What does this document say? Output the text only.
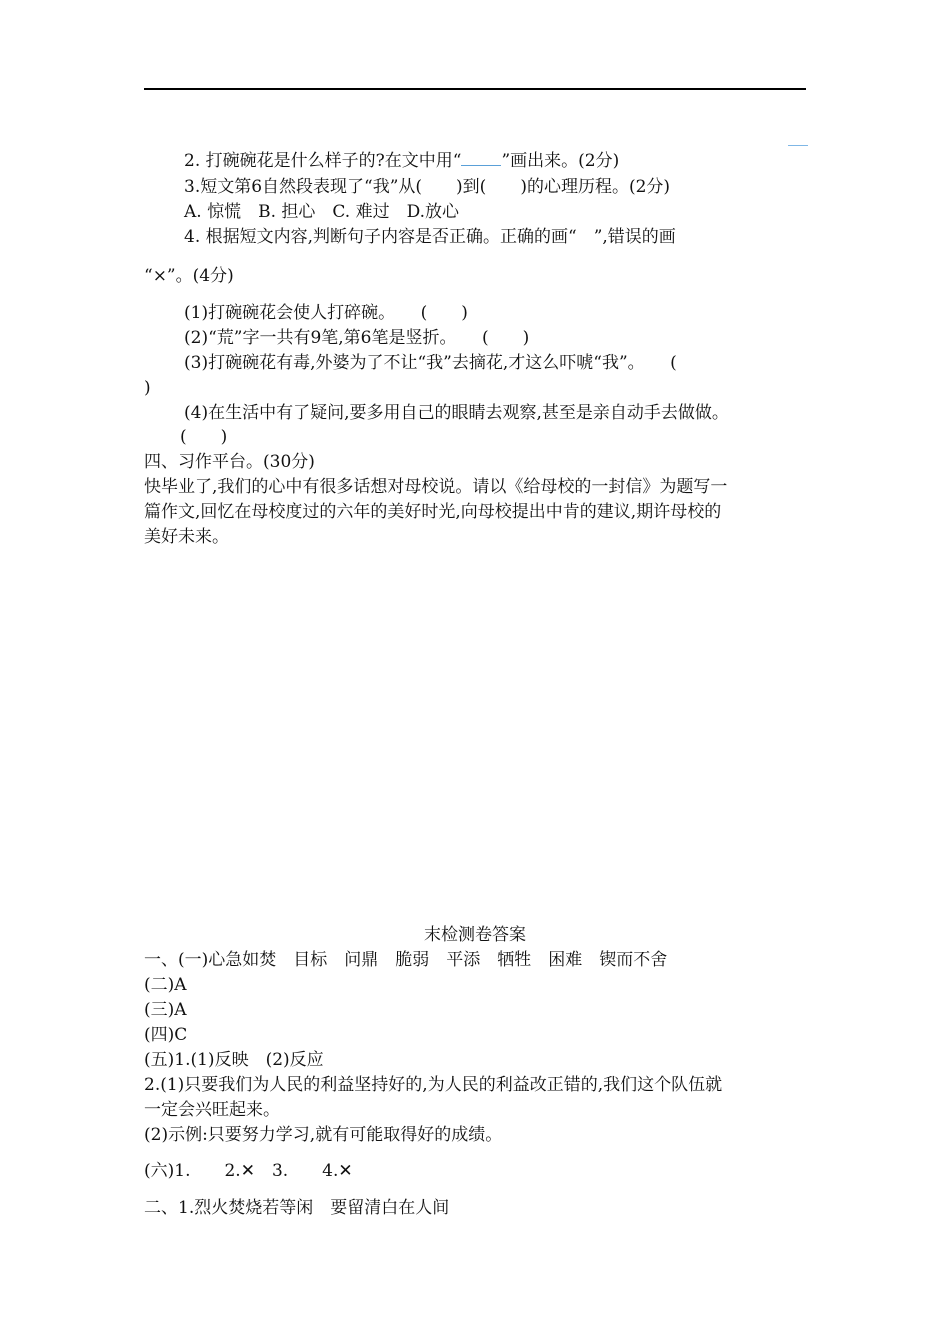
2. 打碗碗花是什么样子的?在文中用“ ”画出来。(2分)
3.短文第6自然段表现了“我”从(　　)到(　　)的心理历程。(2分)
A. 惊慌　B. 担心　C. 难过　D.放心
4. 根据短文内容,判断句子内容是否正确。正确的画“　”,错误的画
“×”。(4分)
(1)打碗碗花会使人打碎碗。　　(　　)
(2)“荒”字一共有9笔,第6笔是竖折。　　(　　)
(3)打碗碗花有毒,外婆为了不让“我”去摘花,才这么吓唬“我”。　　(
)
(4)在生活中有了疑问,要多用自己的眼睛去观察,甚至是亲自动手去做做。
(　　)
四、习作平台。(30分)
快毕业了,我们的心中有很多话想对母校说。请以《给母校的一封信》为题写一
篇作文,回忆在母校度过的六年的美好时光,向母校提出中肯的建议,期许母校的
美好未来。
末检测卷答案
一、(一)心急如焚　目标　问鼎　脆弱　平添　牺牲　困难　锲而不舍
(二)A
(三)A
(四)C
(五)1.(1)反映　(2)反应
2.(1)只要我们为人民的利益坚持好的,为人民的利益改正错的,我们这个队伍就
一定会兴旺起来。
(2)示例:只要努力学习,就有可能取得好的成绩。
(六)1.　　2.✕　3.　　4.✕
二、1.烈火焚烧若等闲　要留清白在人间
